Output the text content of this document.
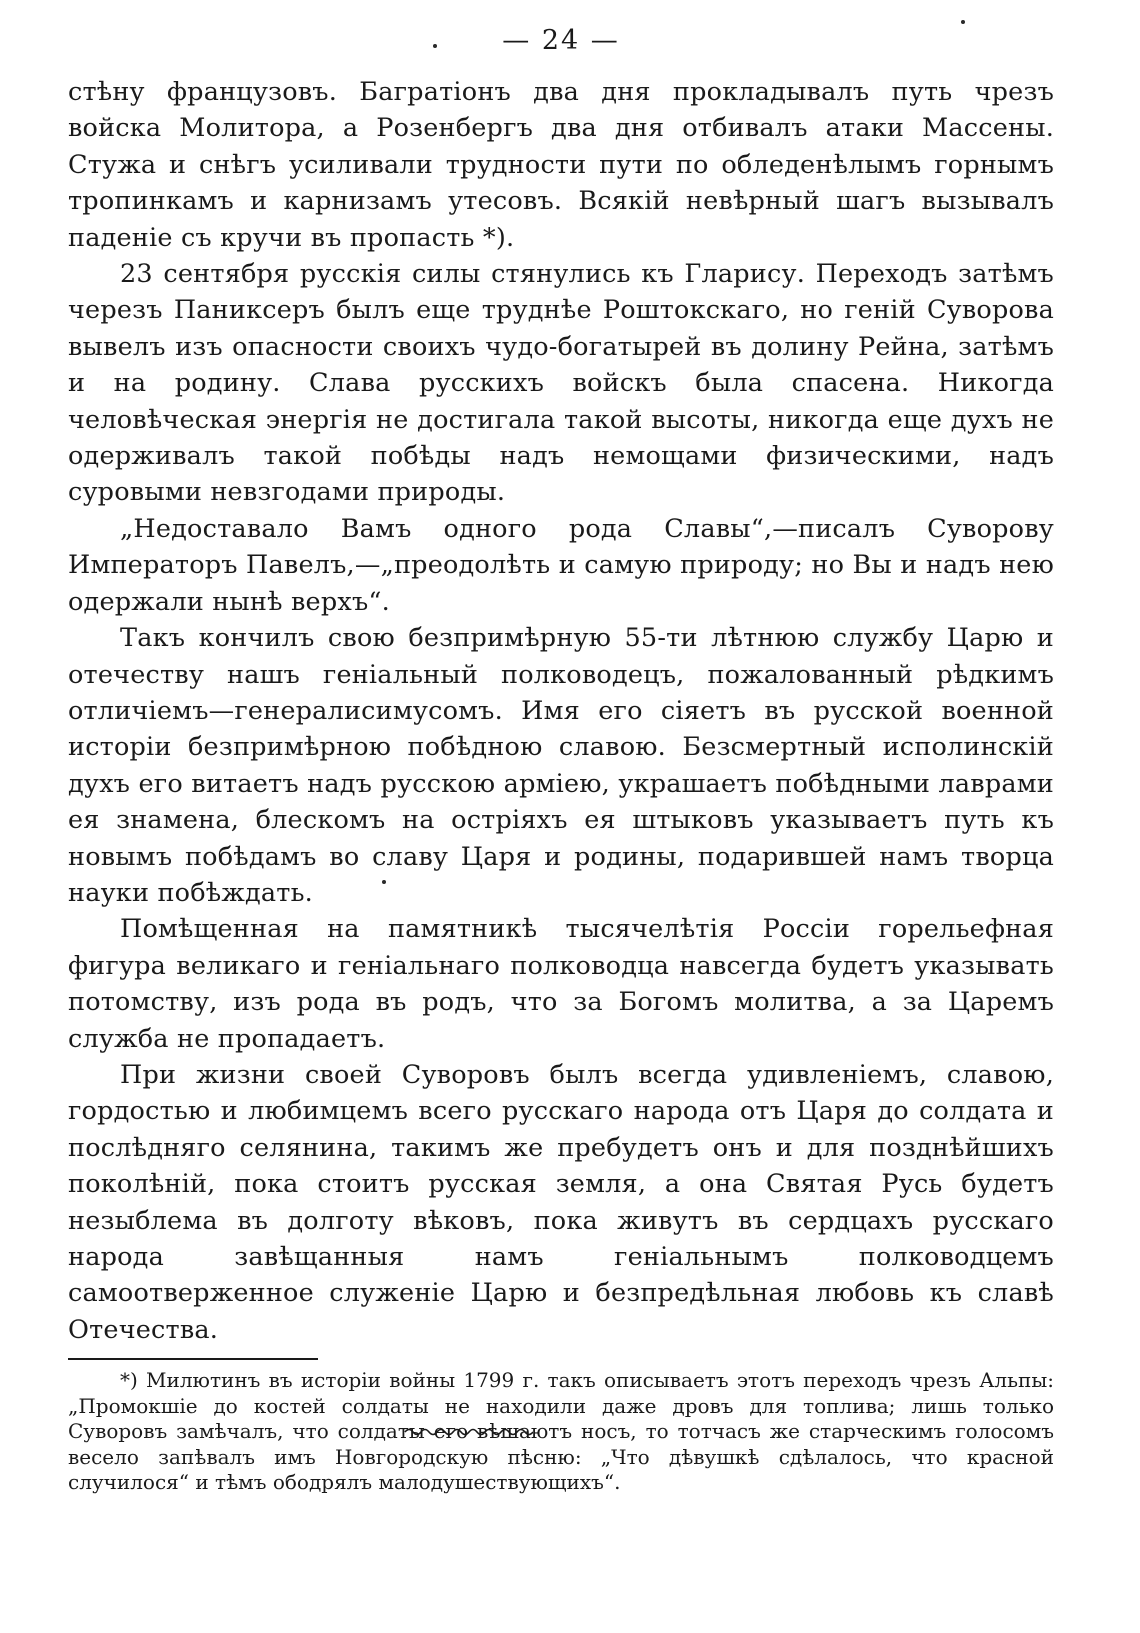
— 24 —

стѣну французовъ. Багратіонъ два дня прокладывалъ путь чрезъ войска Молитора, а Розенбергъ два дня отбивалъ атаки Массены. Стужа и снѣгъ усиливали трудности пути по обледенѣлымъ горнымъ тропинкамъ и карнизамъ утесовъ. Всякій невѣрный шагъ вызывалъ паденіе съ кручи въ пропасть *).

23 сентября русскія силы стянулись къ Гларису. Переходъ затѣмъ черезъ Паниксеръ былъ еще труднѣе Роштокскаго, но геній Суворова вывелъ изъ опасности своихъ чудо-богатырей въ долину Рейна, затѣмъ и на родину. Слава русскихъ войскъ была спасена. Никогда человѣческая энергія не достигала такой высоты, никогда еще духъ не одерживалъ такой побѣды надъ немощами физическими, надъ суровыми невзгодами природы.

„Недоставало Вамъ одного рода Славы“,—писалъ Суворову Императоръ Павелъ,—„преодолѣть и самую природу; но Вы и надъ нею одержали нынѣ верхъ“.

Такъ кончилъ свою безпримѣрную 55-ти лѣтнюю службу Царю и отечеству нашъ геніальный полководецъ, пожалованный рѣдкимъ отличіемъ—генералисимусомъ. Имя его сіяетъ въ русской военной исторіи безпримѣрною побѣдною славою. Безсмертный исполинскій духъ его витаетъ надъ русскою арміею, украшаетъ побѣдными лаврами ея знамена, блескомъ на остріяхъ ея штыковъ указываетъ путь къ новымъ побѣдамъ во славу Царя и родины, подарившей намъ творца науки побѣждать.

Помѣщенная на памятникѣ тысячелѣтія Россіи горельефная фигура великаго и геніальнаго полководца навсегда будетъ указывать потомству, изъ рода въ родъ, что за Богомъ молитва, а за Царемъ служба не пропадаетъ.

При жизни своей Суворовъ былъ всегда удивленіемъ, славою, гордостью и любимцемъ всего русскаго народа отъ Царя до солдата и послѣдняго селянина, такимъ же пребудетъ онъ и для позднѣйшихъ поколѣній, пока стоитъ русская земля, а она Святая Русь будетъ незыблема въ долготу вѣковъ, пока живутъ въ сердцахъ русскаго народа завѣщанныя намъ геніальнымъ полководцемъ самоотверженное служеніе Царю и безпредѣльная любовь къ славѣ Отечества.

*) Милютинъ въ исторіи войны 1799 г. такъ описываетъ этотъ переходъ чрезъ Альпы: „Промокшіе до костей солдаты не находили даже дровъ для топлива; лишь только Суворовъ замѣчалъ, что солдаты его вѣшаютъ носъ, то тотчасъ же старческимъ голосомъ весело запѣвалъ имъ Новгородскую пѣсню: „Что дѣвушкѣ сдѣлалось, что красной случилося“ и тѣмъ ободрялъ малодушествующихъ“.
